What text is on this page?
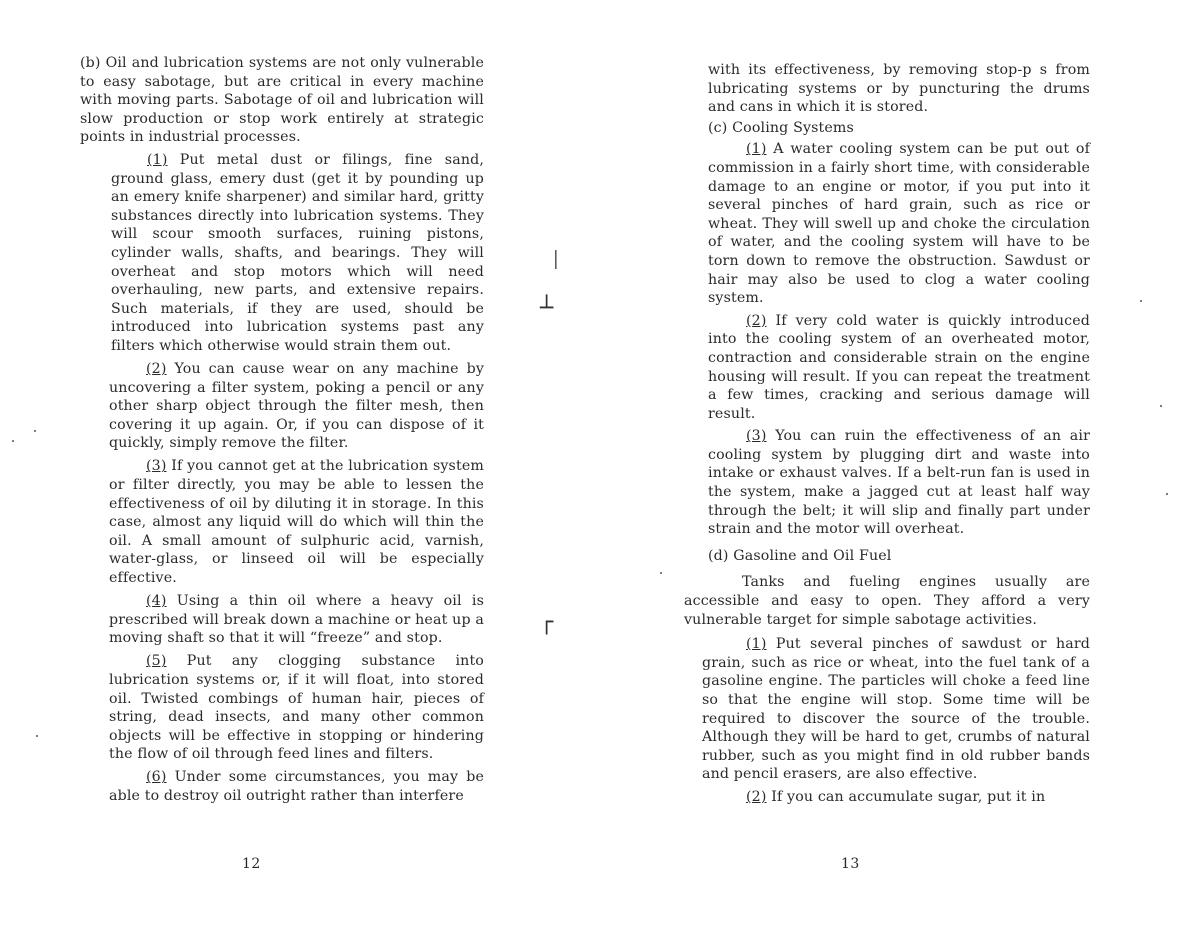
(b) Oil and lubrication systems are not only vulnerable to easy sabotage, but are critical in every machine with moving parts. Sabotage of oil and lubrication will slow production or stop work entirely at strategic points in industrial processes.

(1) Put metal dust or filings, fine sand, ground glass, emery dust (get it by pounding up an emery knife sharpener) and similar hard, gritty substances directly into lubrication systems. They will scour smooth surfaces, ruining pistons, cylinder walls, shafts, and bearings. They will overheat and stop motors which will need overhauling, new parts, and extensive repairs. Such materials, if they are used, should be introduced into lubrication systems past any filters which otherwise would strain them out.
(2) You can cause wear on any machine by uncovering a filter system, poking a pencil or any other sharp object through the filter mesh, then covering it up again. Or, if you can dispose of it quickly, simply remove the filter.
(3) If you cannot get at the lubrication system or filter directly, you may be able to lessen the effectiveness of oil by diluting it in storage. In this case, almost any liquid will do which will thin the oil. A small amount of sulphuric acid, varnish, water-glass, or linseed oil will be especially effective.
(4) Using a thin oil where a heavy oil is prescribed will break down a machine or heat up a moving shaft so that it will “freeze” and stop.
(5) Put any clogging substance into lubrication systems or, if it will float, into stored oil. Twisted combings of human hair, pieces of string, dead insects, and many other common objects will be effective in stopping or hindering the flow of oil through feed lines and filters.
(6) Under some circumstances, you may be able to destroy oil outright rather than interfere
12

with its effectiveness, by removing stop-p s from lubricating systems or by puncturing the drums and cans in which it is stored.

(c) Cooling Systems

(1) A water cooling system can be put out of commission in a fairly short time, with considerable damage to an engine or motor, if you put into it several pinches of hard grain, such as rice or wheat. They will swell up and choke the circulation of water, and the cooling system will have to be torn down to remove the obstruction. Sawdust or hair may also be used to clog a water cooling system.
(2) If very cold water is quickly introduced into the cooling system of an overheated motor, contraction and considerable strain on the engine housing will result. If you can repeat the treatment a few times, cracking and serious damage will result.
(3) You can ruin the effectiveness of an air cooling system by plugging dirt and waste into intake or exhaust valves. If a belt-run fan is used in the system, make a jagged cut at least half way through the belt; it will slip and finally part under strain and the motor will overheat.

(d) Gasoline and Oil Fuel

Tanks and fueling engines usually are accessible and easy to open. They afford a very vulnerable target for simple sabotage activities.

(1) Put several pinches of sawdust or hard grain, such as rice or wheat, into the fuel tank of a gasoline engine. The particles will choke a feed line so that the engine will stop. Some time will be required to discover the source of the trouble. Although they will be hard to get, crumbs of natural rubber, such as you might find in old rubber bands and pencil erasers, are also effective.
(2) If you can accumulate sugar, put it in
13
│
┴
┌
